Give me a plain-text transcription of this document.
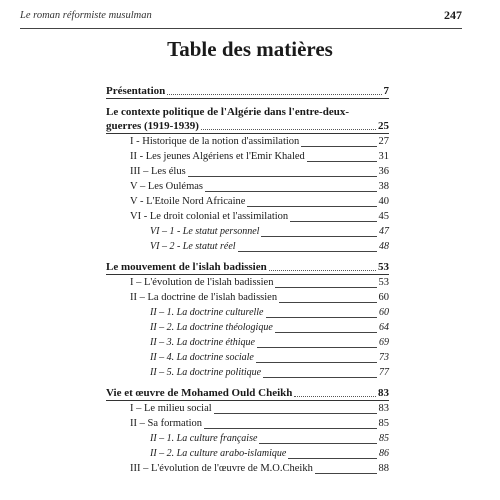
Le roman réformiste musulman	247
Table des matières
Présentation	7
Le contexte politique de l'Algérie dans l'entre-deux-
guerres (1919-1939)	25
I - Historique de la notion d'assimilation	27
II - Les jeunes Algériens et l'Emir Khaled	31
III – Les élus	36
V – Les Oulémas	38
V - L'Etoile Nord Africaine	40
VI - Le droit colonial et l'assimilation	45
VI – 1 - Le statut personnel	47
VI – 2 - Le statut réel	48
Le mouvement de l'islah badissien	53
I – L'évolution de l'islah badissien	53
II – La doctrine de l'islah badissien	60
II – 1. La doctrine culturelle	60
II – 2. La doctrine théologique	64
II – 3. La doctrine éthique	69
II – 4. La doctrine sociale	73
II – 5. La doctrine politique	77
Vie et œuvre de Mohamed Ould Cheikh	83
I – Le milieu social	83
II – Sa formation	85
II – 1. La culture française	85
II – 2. La culture arabo-islamique	86
III – L'évolution de l'œuvre de M.O.Cheikh	88
